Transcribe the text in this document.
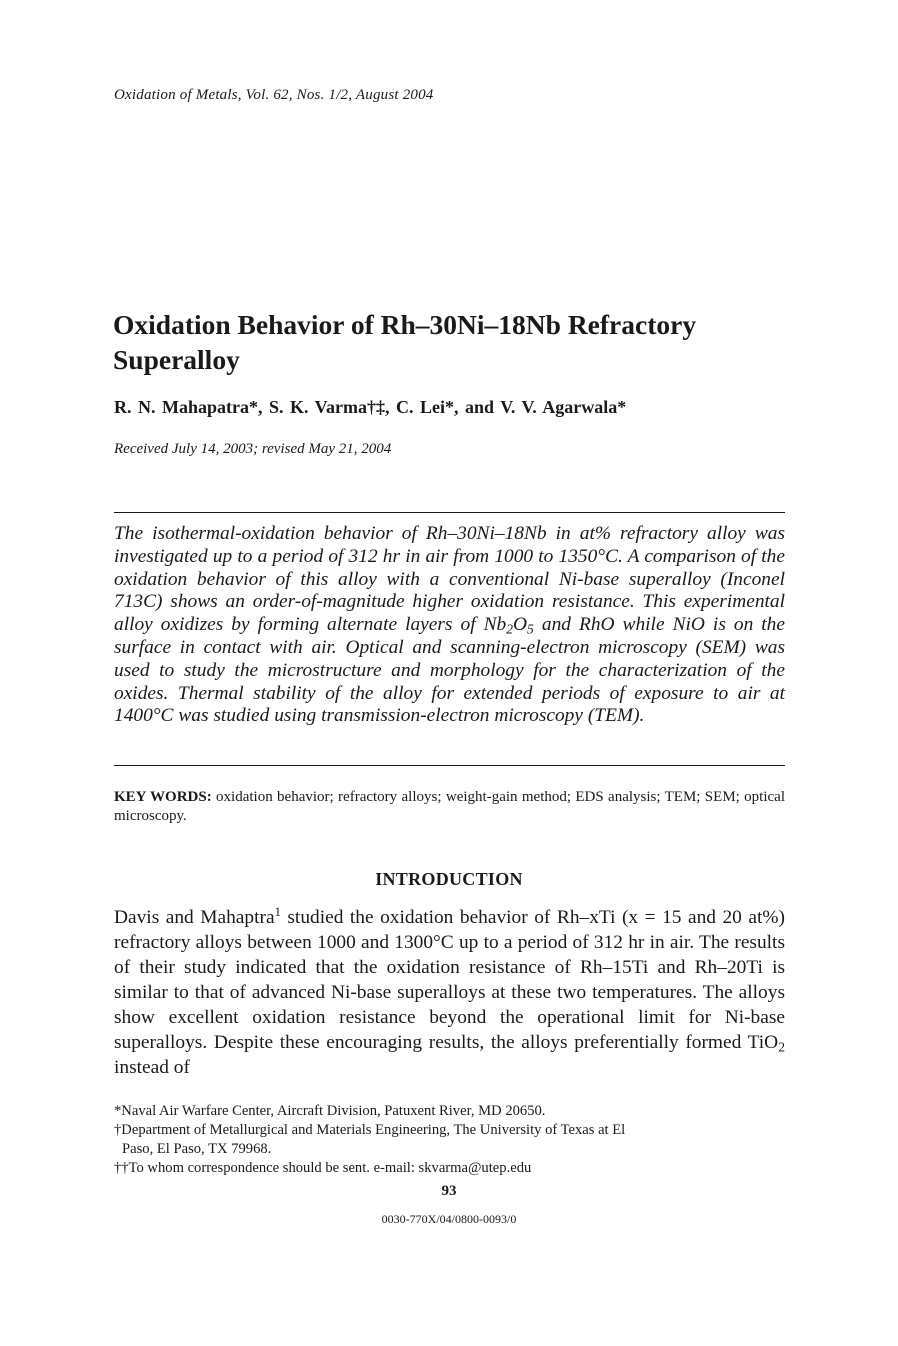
Oxidation of Metals, Vol. 62, Nos. 1/2, August 2004
Oxidation Behavior of Rh–30Ni–18Nb Refractory
Superalloy
R. N. Mahapatra*, S. K. Varma†‡, C. Lei*, and V. V. Agarwala*
Received July 14, 2003; revised May 21, 2004
The isothermal-oxidation behavior of Rh–30Ni–18Nb in at% refractory alloy was investigated up to a period of 312 hr in air from 1000 to 1350°C. A comparison of the oxidation behavior of this alloy with a conventional Ni-base superalloy (Inconel 713C) shows an order-of-magnitude higher oxidation resistance. This experimental alloy oxidizes by forming alternate layers of $Nb_2O_5$ and RhO while NiO is on the surface in contact with air. Optical and scanning-electron microscopy (SEM) was used to study the microstructure and morphology for the characterization of the oxides. Thermal stability of the alloy for extended periods of exposure to air at 1400°C was studied using transmission-electron microscopy (TEM).
KEY WORDS: oxidation behavior; refractory alloys; weight-gain method; EDS analysis; TEM; SEM; optical microscopy.
INTRODUCTION
Davis and Mahaptra$^1$ studied the oxidation behavior of Rh–xTi (x = 15 and 20 at%) refractory alloys between 1000 and 1300°C up to a period of 312 hr in air. The results of their study indicated that the oxidation resistance of Rh–15Ti and Rh–20Ti is similar to that of advanced Ni-base superalloys at these two temperatures. The alloys show excellent oxidation resistance beyond the operational limit for Ni-base superalloys. Despite these encouraging results, the alloys preferentially formed TiO$_2$ instead of
*Naval Air Warfare Center, Aircraft Division, Patuxent River, MD 20650.
†Department of Metallurgical and Materials Engineering, The University of Texas at El
Paso, El Paso, TX 79968.
††To whom correspondence should be sent. e-mail: skvarma@utep.edu
93
0030-770X/04/0800-0093/0
